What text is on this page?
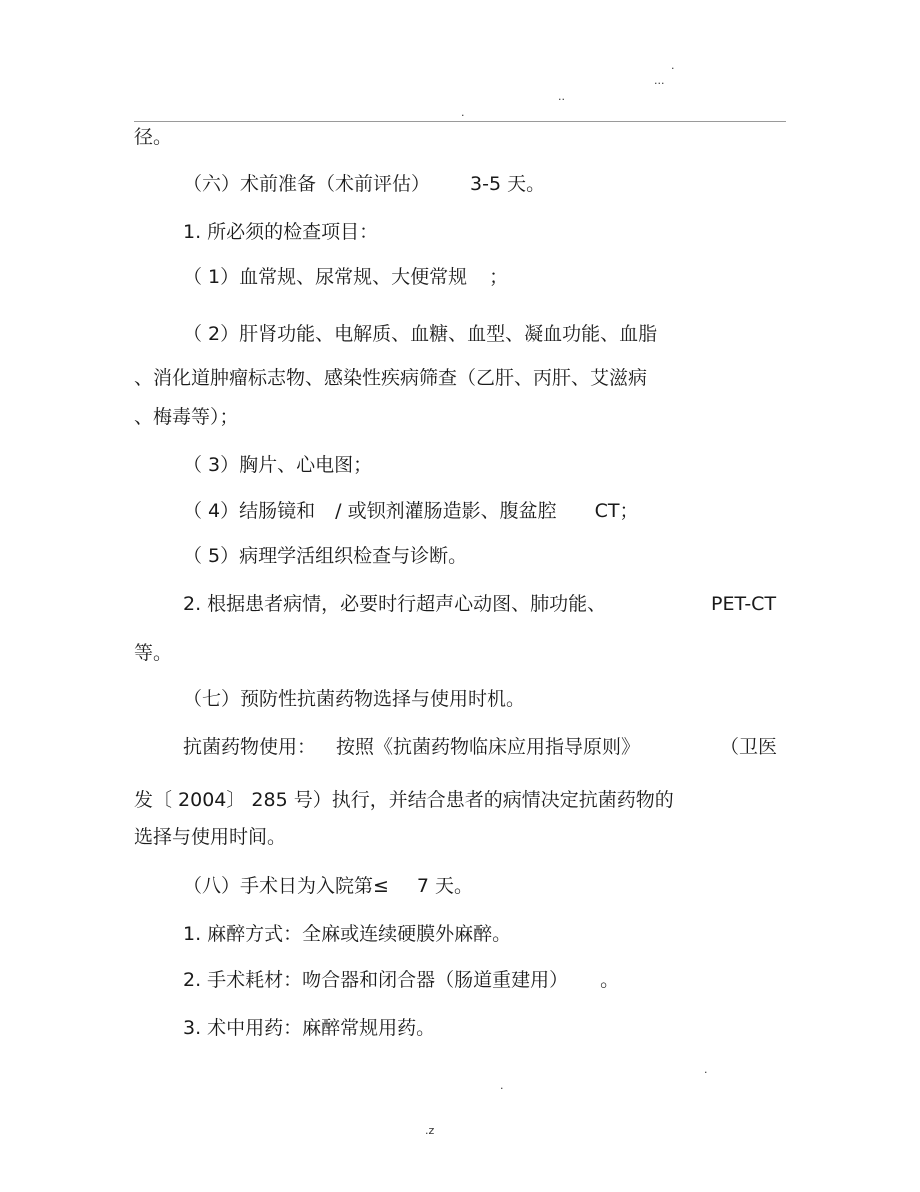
.
...
..
.
径。
（六）术前准备（术前评估） 3-5 天。
1. 所必须的检查项目：
（ 1）血常规、尿常规、大便常规 ；
（ 2）肝肾功能、电解质、血糖、血型、凝血功能、血脂
、消化道肿瘤标志物、感染性疾病筛查（乙肝、丙肝、艾滋病
、梅毒等）；
（ 3）胸片、心电图；
（ 4）结肠镜和 / 或钡剂灌肠造影、腹盆腔 CT；
（ 5）病理学活组织检查与诊断。
2. 根据患者病情，必要时行超声心动图、肺功能、	PET-CT
等。
（七）预防性抗菌药物选择与使用时机。
抗菌药物使用： 按照《抗菌药物临床应用指导原则》	（卫医
发〔 2004〕 285 号）执行，并结合患者的病情决定抗菌药物的
选择与使用时间。
（八）手术日为入院第≤ 7 天。
1. 麻醉方式：全麻或连续硬膜外麻醉。
2. 手术耗材：吻合器和闭合器（肠道重建用） 。
3. 术中用药：麻醉常规用药。
.
.
.z
